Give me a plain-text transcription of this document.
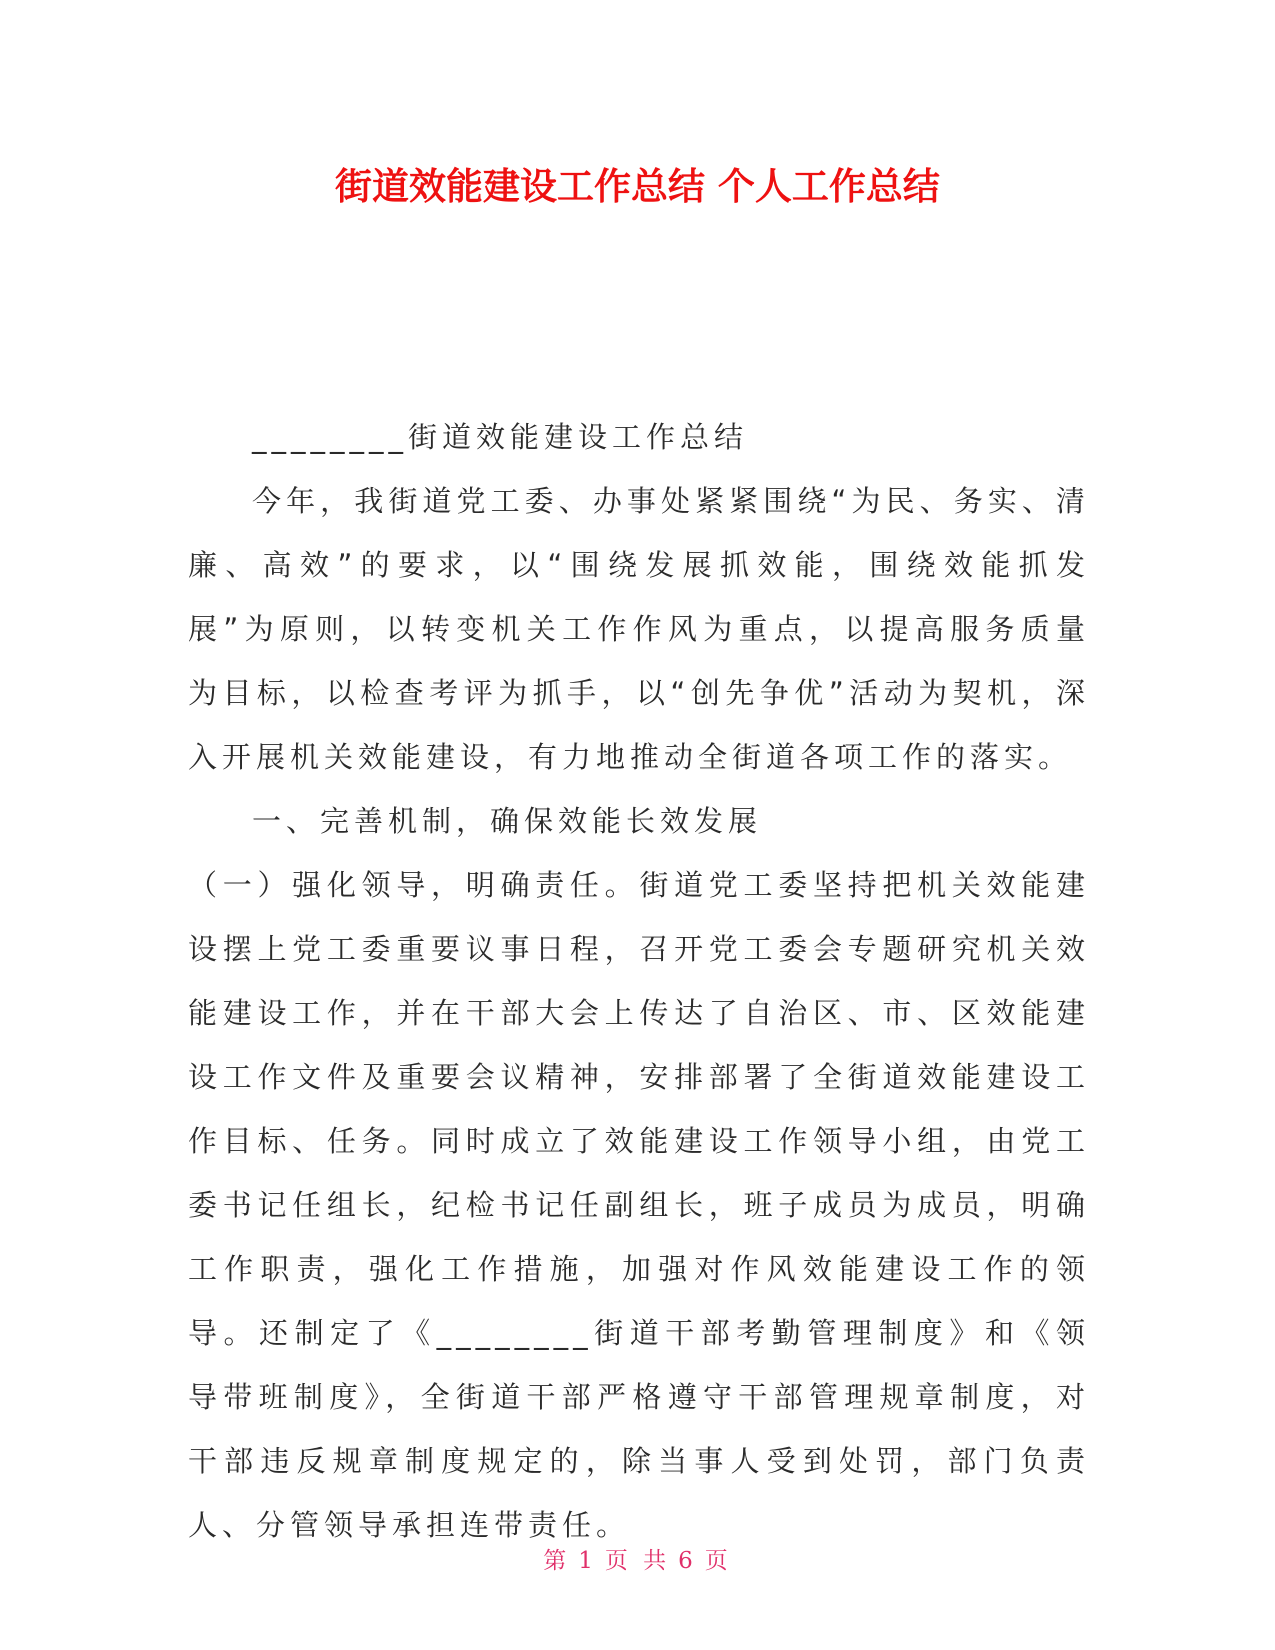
街道效能建设工作总结 个人工作总结

________街道效能建设工作总结

今年，我街道党工委、办事处紧紧围绕“为民、务实、清廉、高效”的要求，以“围绕发展抓效能，围绕效能抓发展”为原则，以转变机关工作作风为重点，以提高服务质量为目标，以检查考评为抓手，以“创先争优”活动为契机，深入开展机关效能建设，有力地推动全街道各项工作的落实。

一、完善机制，确保效能长效发展

（一）强化领导，明确责任。街道党工委坚持把机关效能建设摆上党工委重要议事日程，召开党工委会专题研究机关效能建设工作，并在干部大会上传达了自治区、市、区效能建设工作文件及重要会议精神，安排部署了全街道效能建设工作目标、任务。同时成立了效能建设工作领导小组，由党工委书记任组长，纪检书记任副组长，班子成员为成员，明确工作职责，强化工作措施，加强对作风效能建设工作的领导。还制定了《________街道干部考勤管理制度》和《领导带班制度》，全街道干部严格遵守干部管理规章制度，对干部违反规章制度规定的，除当事人受到处罚，部门负责人、分管领导承担连带责任。

第 1 页 共 6 页
